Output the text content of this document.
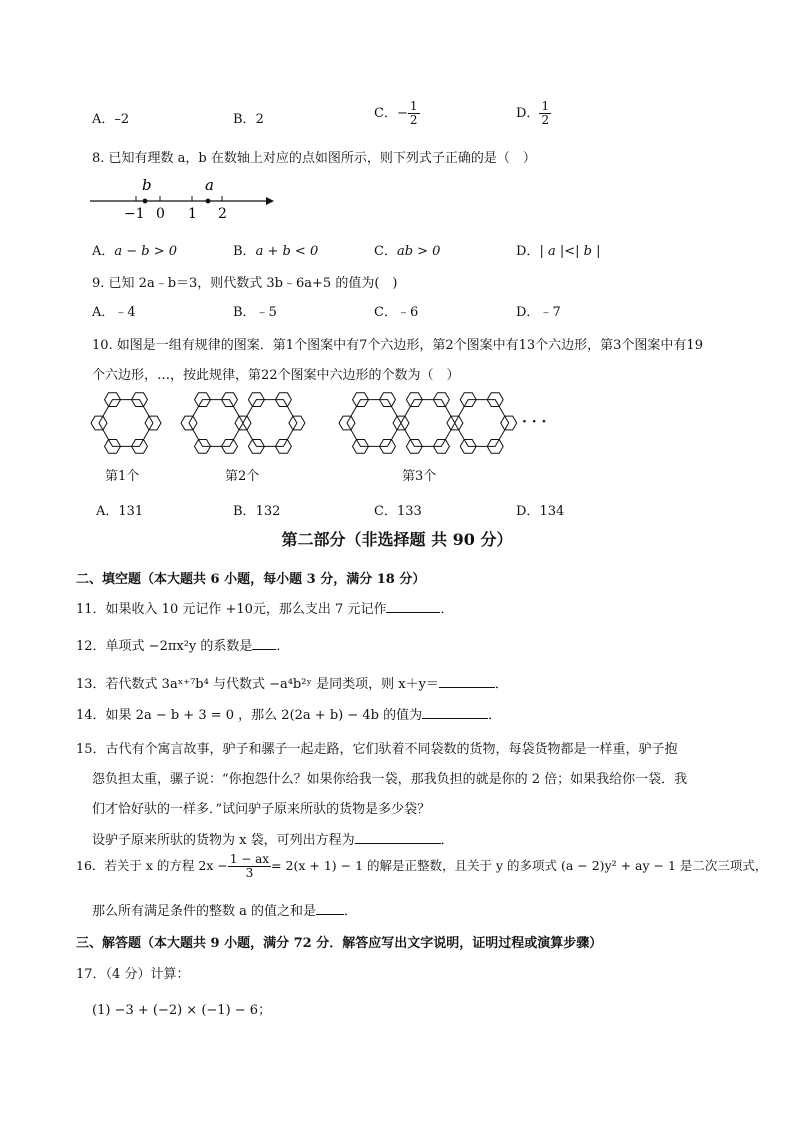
A．–2	B．2	C．− $\frac{1}{2}$	D． $\frac{1}{2}$
8. 已知有理数 a，b 在数轴上对应的点如图所示，则下列式子正确的是（　）
b	a
−1 0 1 2
A．a − b > 0	B．a + b < 0	C．ab > 0	D．| a |<| b |
9. 已知 2a﹣b＝3，则代数式 3b﹣6a+5 的值为(　)
A．﹣4	B．﹣5	C．﹣6	D．﹣7
10. 如图是一组有规律的图案．第1个图案中有7个六边形，第2个图案中有13个六边形，第3个图案中有19
个六边形，…，按此规律，第22个图案中六边形的个数为（　）
第1个	第2个	第3个
· · ·
A．131	B．132	C．133	D．134
第二部分（非选择题 共 90 分）
二、填空题（本大题共 6 小题，每小题 3 分，满分 18 分）
11．如果收入 10 元记作 +10元，那么支出 7 元记作	．
12．单项式 −2πx²y 的系数是 ．
13．若代数式 3aˣ⁺⁷b⁴ 与代数式 −a⁴b²ʸ 是同类项，则 x＋y＝	．
14．如果 2a − b + 3 = 0 ，那么 2(2a + b) − 4b 的值为	．
15．古代有个寓言故事，驴子和骡子一起走路，它们驮着不同袋数的货物，每袋货物都是一样重，驴子抱
怨负担太重，骡子说：“你抱怨什么？如果你给我一袋，那我负担的就是你的 2 倍；如果我给你一袋．我
们才恰好驮的一样多．”试问驴子原来所驮的货物是多少袋？
设驴子原来所驮的货物为 x 袋，可列出方程为	．
16．若关于 x 的方程 $2x - \frac{1 - ax}{3} = 2(x + 1) - 1$ 的解是正整数，且关于 y 的多项式 (a − 2)y² + ay − 1 是二次三项式，
那么所有满足条件的整数 a 的值之和是 ．
三、解答题（本大题共 9 小题，满分 72 分．解答应写出文字说明，证明过程或演算步骤）
17．（4 分）计算：
(1) −3 + (−2) × (−1) − 6；
